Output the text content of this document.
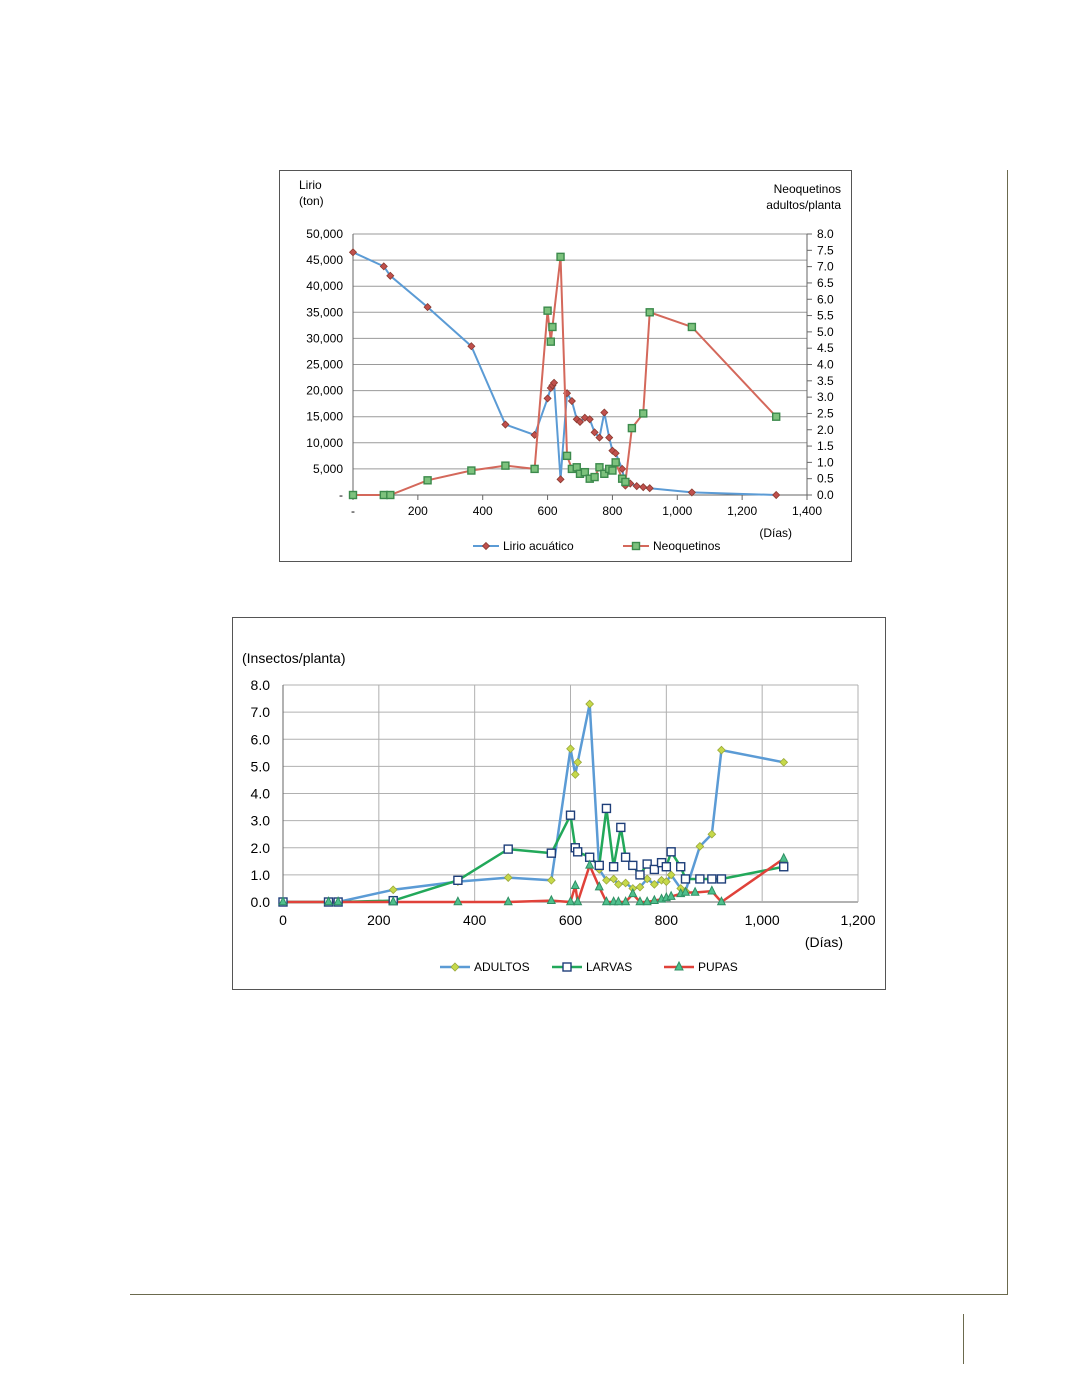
-
5,000
10,000
15,000
20,000
25,000
30,000
35,000
40,000
45,000
50,000
0.0
0.5
1.0
1.5
2.0
2.5
3.0
3.5
4.0
4.5
5.0
5.5
6.0
6.5
7.0
7.5
8.0
-	200	400	600	800	1,000	1,200	1,400
Lirio
(ton)
Neoquetinos
adultos/planta
(Días)
Lirio acuático	Neoquetinos
0.0
1.0
2.0
3.0
4.0
5.0
6.0
7.0
8.0
0	200	400	600	800	1,000	1,200
(Insectos/planta)
(Días)
ADULTOS	LARVAS	PUPAS
